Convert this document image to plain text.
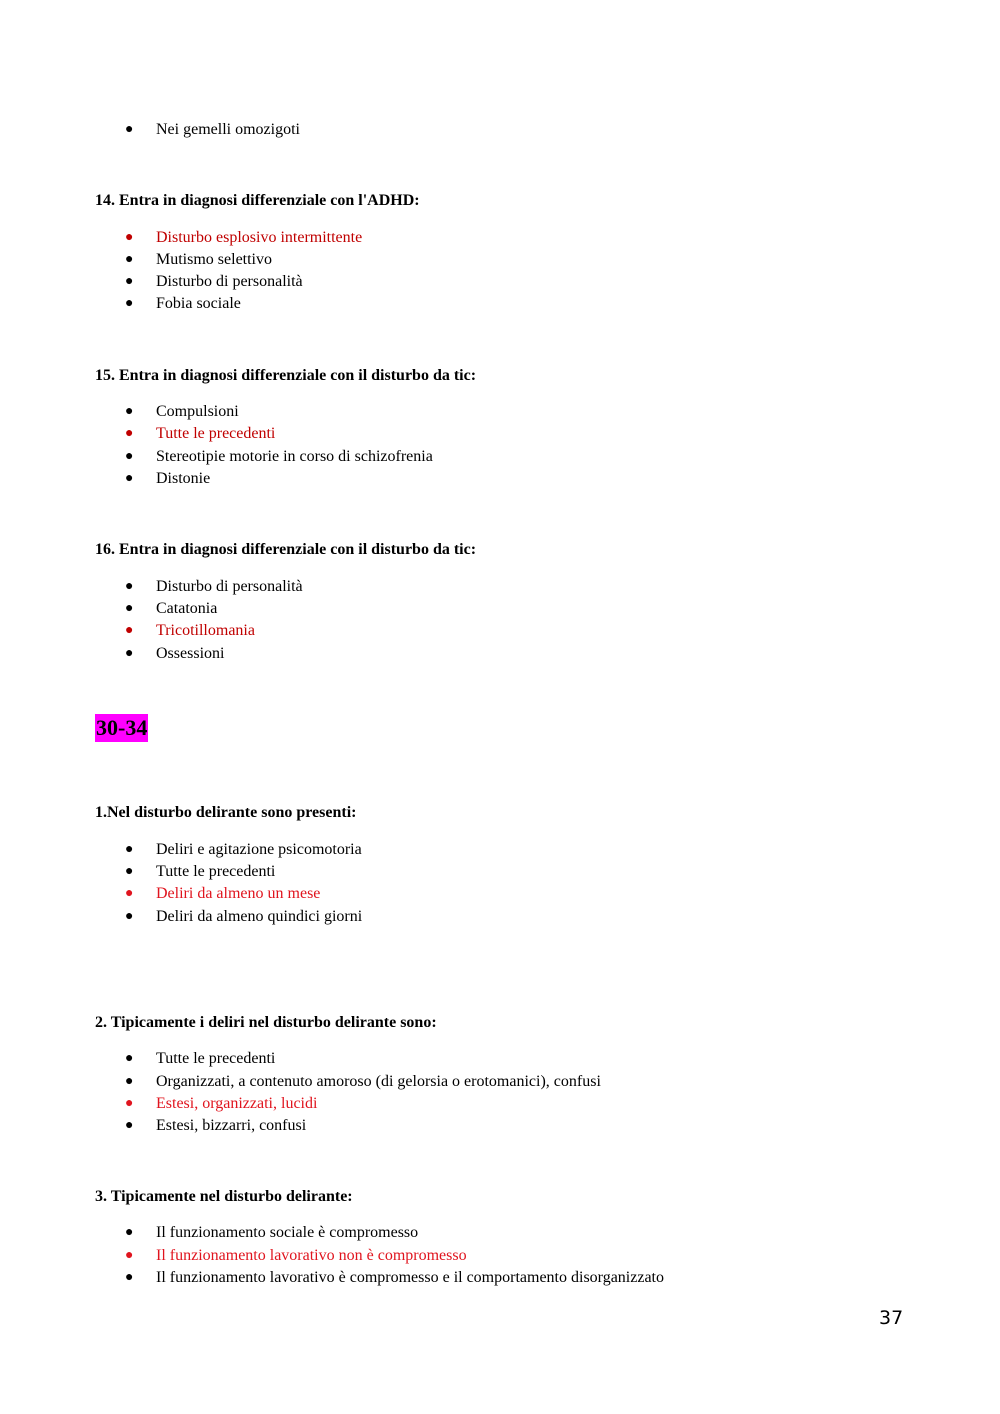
● Nei gemelli omozigoti
14. Entra in diagnosi differenziale con l'ADHD:
● Disturbo esplosivo intermittente
● Mutismo selettivo
● Disturbo di personalità
● Fobia sociale
15. Entra in diagnosi differenziale con il disturbo da tic:
● Compulsioni
● Tutte le precedenti
● Stereotipie motorie in corso di schizofrenia
● Distonie
16. Entra in diagnosi differenziale con il disturbo da tic:
● Disturbo di personalità
● Catatonia
● Tricotillomania
● Ossessioni
30-34
1.Nel disturbo delirante sono presenti:
● Deliri e agitazione psicomotoria
● Tutte le precedenti
● Deliri da almeno un mese
● Deliri da almeno quindici giorni
2. Tipicamente i deliri nel disturbo delirante sono:
● Tutte le precedenti
● Organizzati, a contenuto amoroso (di gelorsia o erotomanici), confusi
● Estesi, organizzati, lucidi
● Estesi, bizzarri, confusi
3. Tipicamente nel disturbo delirante:
● Il funzionamento sociale è compromesso
● Il funzionamento lavorativo non è compromesso
● Il funzionamento lavorativo è compromesso e il comportamento disorganizzato
37
